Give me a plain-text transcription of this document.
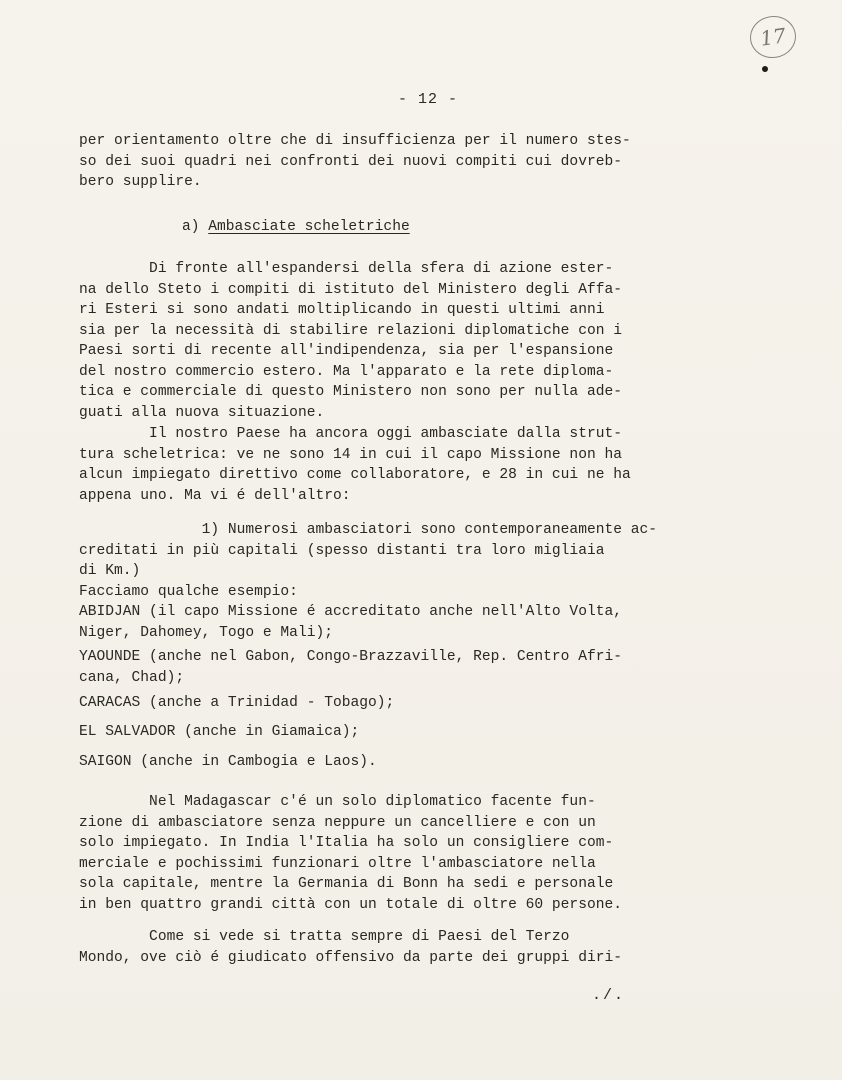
17
- 12 -
per orientamento oltre che di insufficienza per il numero stes-
so dei suoi quadri nei confronti dei nuovi compiti cui dovreb-
bero supplire.
a) Ambasciate scheletriche
Di fronte all'espandersi della sfera di azione ester-
na dello Steto i compiti di istituto del Ministero degli Affa-
ri Esteri si sono andati moltiplicando in questi ultimi anni
sia per la necessità di stabilire relazioni diplomatiche con i
Paesi sorti di recente all'indipendenza, sia per l'espansione
del nostro commercio estero. Ma l'apparato e la rete diploma-
tica e commerciale di questo Ministero non sono per nulla ade-
guati alla nuova situazione.
Il nostro Paese ha ancora oggi ambasciate dalla strut-
tura scheletrica: ve ne sono 14 in cui il capo Missione non ha
alcun impiegato direttivo come collaboratore, e 28 in cui ne ha
appena uno. Ma vi é dell'altro:
1) Numerosi ambasciatori sono contemporaneamente ac-
creditati in più capitali (spesso distanti tra loro migliaia
di Km.)
Facciamo qualche esempio:
ABIDJAN (il capo Missione é accreditato anche nell'Alto Volta,
Niger, Dahomey, Togo e Mali);
YAOUNDE (anche nel Gabon, Congo-Brazzaville, Rep. Centro Afri-
cana, Chad);
CARACAS (anche a Trinidad - Tobago);
EL SALVADOR (anche in Giamaica);
SAIGON (anche in Cambogia e Laos).
Nel Madagascar c'é un solo diplomatico facente fun-
zione di ambasciatore senza neppure un cancelliere e con un
solo impiegato. In India l'Italia ha solo un consigliere com-
merciale e pochissimi funzionari oltre l'ambasciatore nella
sola capitale, mentre la Germania di Bonn ha sedi e personale
in ben quattro grandi città con un totale di oltre 60 persone.
Come si vede si tratta sempre di Paesi del Terzo
Mondo, ove ciò é giudicato offensivo da parte dei gruppi diri-
./.
